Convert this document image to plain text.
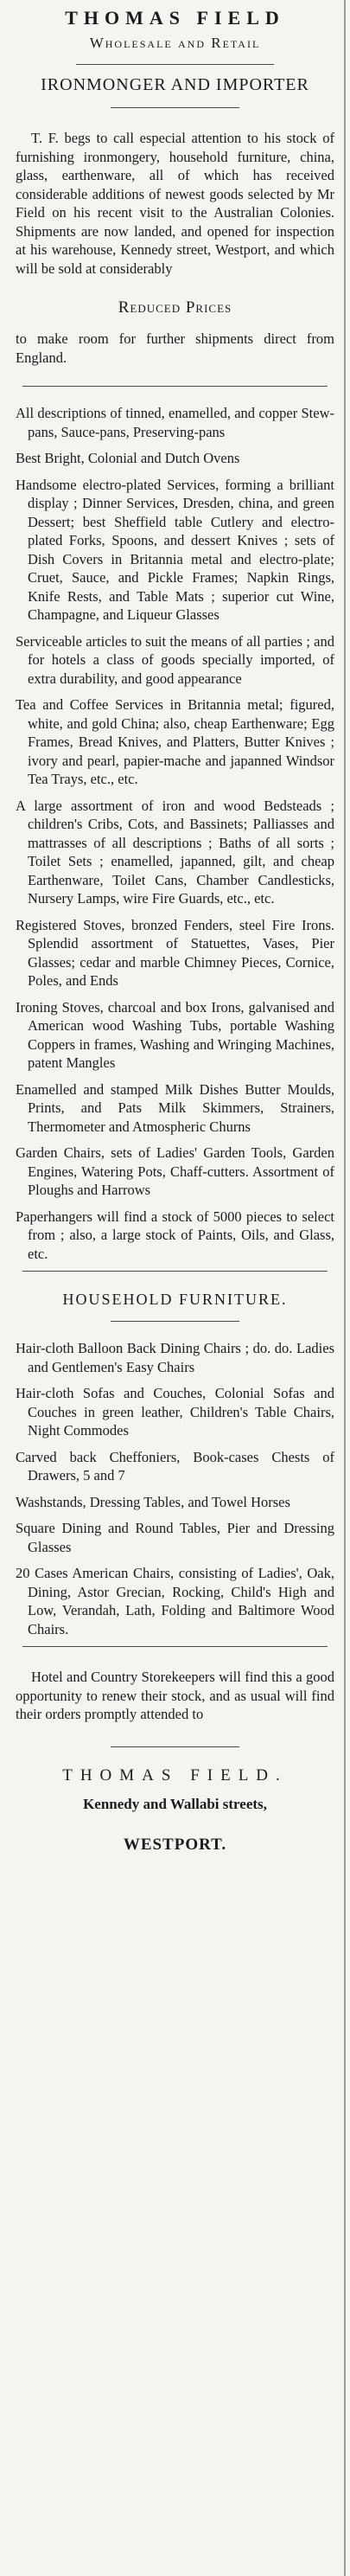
THOMAS FIELD
Wholesale and Retail
IRONMONGER AND IMPORTER

T. F. begs to call especial attention to his stock of furnishing ironmongery, household furniture, china, glass, earthenware, all of which has received considerable additions of newest goods selected by Mr Field on his recent visit to the Australian Colonies. Shipments are now landed, and opened for inspection at his warehouse, Kennedy street, Westport, and which will be sold at considerably

Reduced Prices

to make room for further shipments direct from England.

All descriptions of tinned, enamelled, and copper Stew-pans, Sauce-pans, Preserving-pans

Best Bright, Colonial and Dutch Ovens

Handsome electro-plated Services, forming a brilliant display ; Dinner Services, Dresden, china, and green Dessert; best Sheffield table Cutlery and electro-plated Forks, Spoons, and dessert Knives ; sets of Dish Covers in Britannia metal and electro-plate; Cruet, Sauce, and Pickle Frames; Napkin Rings, Knife Rests, and Table Mats ; superior cut Wine, Champagne, and Liqueur Glasses

Serviceable articles to suit the means of all parties ; and for hotels a class of goods specially imported, of extra durability, and good appearance

Tea and Coffee Services in Britannia metal; figured, white, and gold China; also, cheap Earthenware; Egg Frames, Bread Knives, and Platters, Butter Knives ; ivory and pearl, papier-mache and japanned Windsor Tea Trays, etc., etc.

A large assortment of iron and wood Bedsteads ; children's Cribs, Cots, and Bassinets; Palliasses and mattrasses of all descriptions ; Baths of all sorts ; Toilet Sets ; enamelled, japanned, gilt, and cheap Earthenware, Toilet Cans, Chamber Candlesticks, Nursery Lamps, wire Fire Guards, etc., etc.

Registered Stoves, bronzed Fenders, steel Fire Irons. Splendid assortment of Statuettes, Vases, Pier Glasses; cedar and marble Chimney Pieces, Cornice, Poles, and Ends

Ironing Stoves, charcoal and box Irons, galvanised and American wood Washing Tubs, portable Washing Coppers in frames, Washing and Wringing Machines, patent Mangles

Enamelled and stamped Milk Dishes Butter Moulds, Prints, and Pats Milk Skimmers, Strainers, Thermometer and Atmospheric Churns

Garden Chairs, sets of Ladies' Garden Tools, Garden Engines, Watering Pots, Chaff-cutters. Assortment of Ploughs and Harrows

Paperhangers will find a stock of 5000 pieces to select from ; also, a large stock of Paints, Oils, and Glass, etc.

HOUSEHOLD FURNITURE.

Hair-cloth Balloon Back Dining Chairs ; do. do. Ladies and Gentlemen's Easy Chairs

Hair-cloth Sofas and Couches, Colonial Sofas and Couches in green leather, Children's Table Chairs, Night Commodes

Carved back Cheffoniers, Book-cases Chests of Drawers, 5 and 7

Washstands, Dressing Tables, and Towel Horses

Square Dining and Round Tables, Pier and Dressing Glasses

20 Cases American Chairs, consisting of Ladies', Oak, Dining, Astor Grecian, Rocking, Child's High and Low, Verandah, Lath, Folding and Baltimore Wood Chairs.

Hotel and Country Storekeepers will find this a good opportunity to renew their stock, and as usual will find their orders promptly attended to

THOMAS FIELD.
Kennedy and Wallabi streets,
WESTPORT.
